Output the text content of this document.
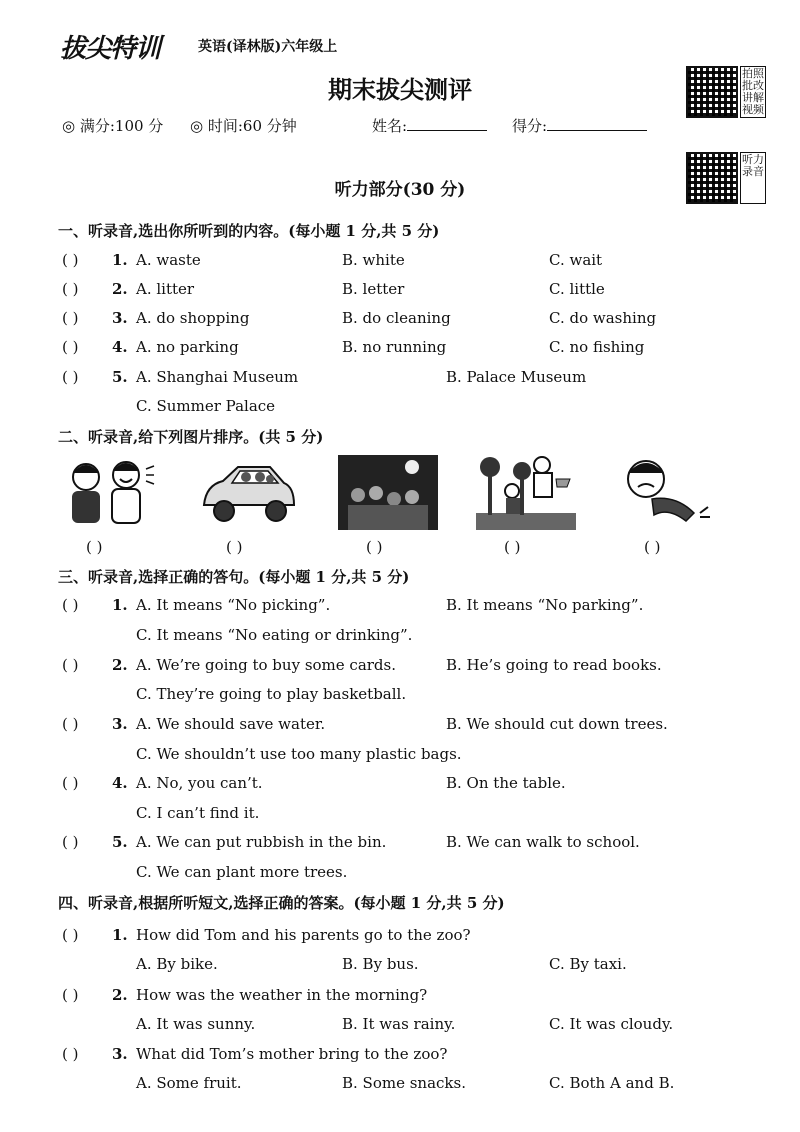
拔尖特训	英语(译林版)六年级上
期末拔尖测评
拍照批改 讲解视频
◎ 满分:100 分 ◎ 时间:60 分钟	姓名:	得分:
听力录音
听力部分(30 分)
一、听录音,选出你所听到的内容。(每小题 1 分,共 5 分)
( ) 1. A. waste	B. white	C. wait
( ) 2. A. litter	B. letter	C. little
( ) 3. A. do shopping	B. do cleaning	C. do washing
( ) 4. A. no parking	B. no running	C. no fishing
( ) 5. A. Shanghai Museum	B. Palace Museum
C. Summer Palace
二、听录音,给下列图片排序。(共 5 分)
( )	( )	( )	( )	( )
三、听录音,选择正确的答句。(每小题 1 分,共 5 分)
( ) 1. A. It means “No picking”.	B. It means “No parking”.
C. It means “No eating or drinking”.
( ) 2. A. We’re going to buy some cards.	B. He’s going to read books.
C. They’re going to play basketball.
( ) 3. A. We should save water.	B. We should cut down trees.
C. We shouldn’t use too many plastic bags.
( ) 4. A. No, you can’t.	B. On the table.
C. I can’t find it.
( ) 5. A. We can put rubbish in the bin.	B. We can walk to school.
C. We can plant more trees.
四、听录音,根据所听短文,选择正确的答案。(每小题 1 分,共 5 分)
( ) 1. How did Tom and his parents go to the zoo?
A. By bike.	B. By bus.	C. By taxi.
( ) 2. How was the weather in the morning?
A. It was sunny.	B. It was rainy.	C. It was cloudy.
( ) 3. What did Tom’s mother bring to the zoo?
A. Some fruit.	B. Some snacks.	C. Both A and B.
